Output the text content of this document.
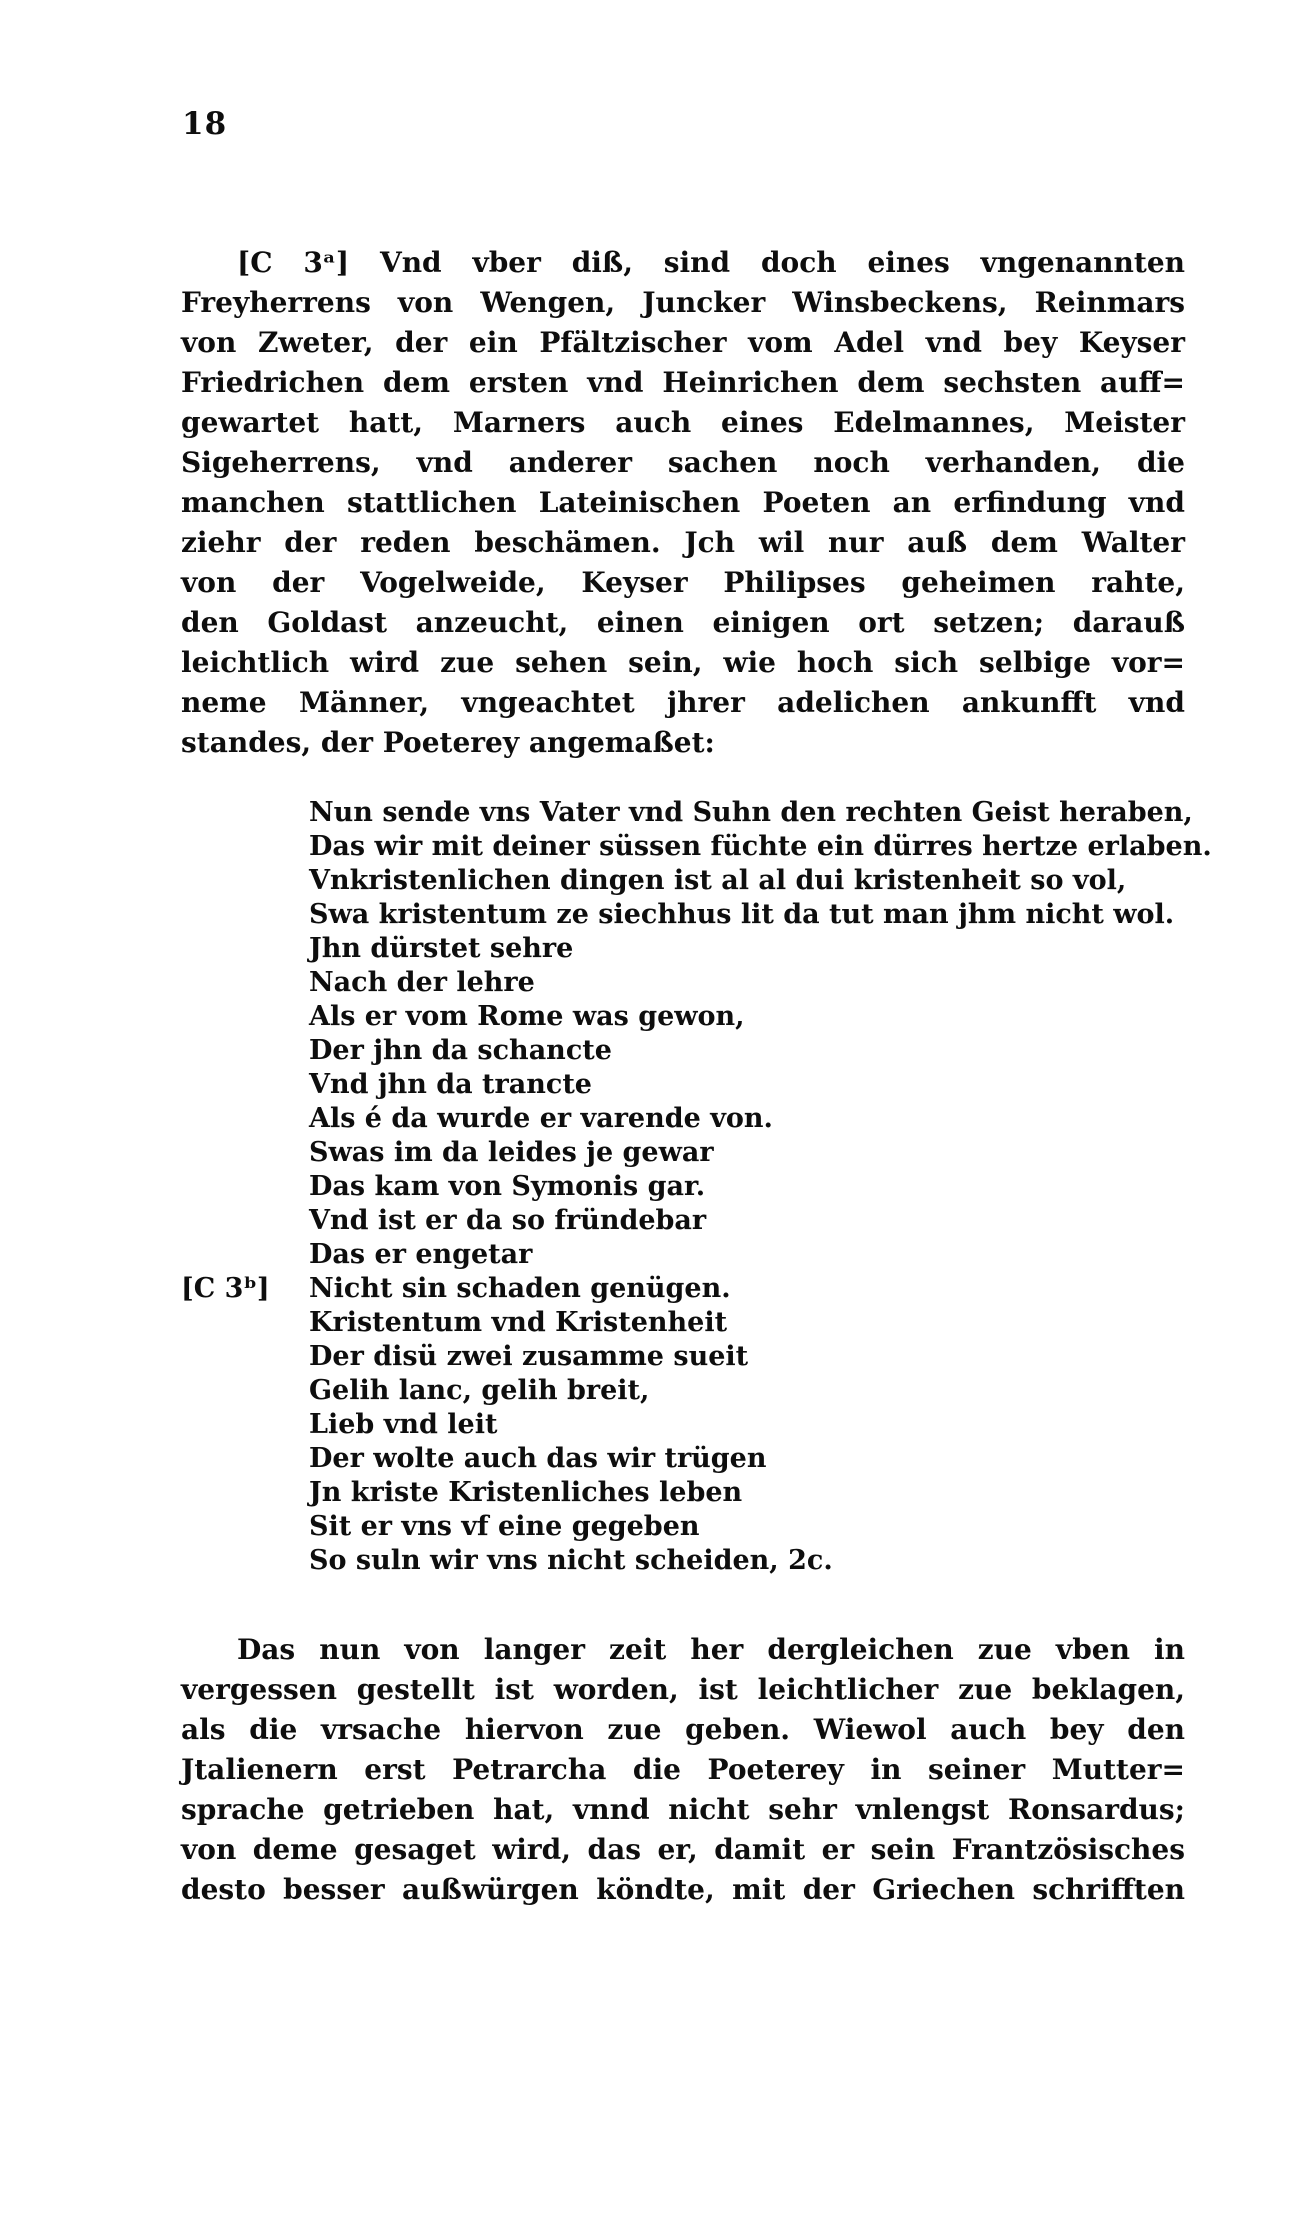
18
[C 3ᵃ] Vnd vber diß, sind doch eines vngenannten
Freyherrens von Wengen, Juncker Winsbeckens, Reinmars
von Zweter, der ein Pfältzischer vom Adel vnd bey Keyser
Friedrichen dem ersten vnd Heinrichen dem sechsten auff=
gewartet hatt, Marners auch eines Edelmannes, Meister
Sigeherrens, vnd anderer sachen noch verhanden, die
manchen stattlichen Lateinischen Poeten an erfindung vnd
ziehr der reden beschämen. Jch wil nur auß dem Walter
von der Vogelweide, Keyser Philipses geheimen rahte,
den Goldast anzeucht, einen einigen ort setzen; darauß
leichtlich wird zue sehen sein, wie hoch sich selbige vor=
neme Männer, vngeachtet jhrer adelichen ankunfft vnd
standes, der Poeterey angemaßet:
Nun sende vns Vater vnd Suhn den rechten Geist heraben,
Das wir mit deiner süssen füchte ein dürres hertze erlaben.
Vnkristenlichen dingen ist al al dui kristenheit so vol,
Swa kristentum ze siechhus lit da tut man jhm nicht wol.
Jhn dürstet sehre
Nach der lehre
Als er vom Rome was gewon,
Der jhn da schancte
Vnd jhn da trancte
Als é da wurde er varende von.
Swas im da leides je gewar
Das kam von Symonis gar.
Vnd ist er da so fründebar
Das er engetar
[C 3ᵇ] Nicht sin schaden genügen.
Kristentum vnd Kristenheit
Der disü zwei zusamme sueit
Gelih lanc, gelih breit,
Lieb vnd leit
Der wolte auch das wir trügen
Jn kriste Kristenliches leben
Sit er vns vf eine gegeben
So suln wir vns nicht scheiden, 2c.
Das nun von langer zeit her dergleichen zue vben in
vergessen gestellt ist worden, ist leichtlicher zue beklagen,
als die vrsache hiervon zue geben. Wiewol auch bey den
Jtalienern erst Petrarcha die Poeterey in seiner Mutter=
sprache getrieben hat, vnnd nicht sehr vnlengst Ronsardus;
von deme gesaget wird, das er, damit er sein Frantzösisches
desto besser außwürgen köndte, mit der Griechen schrifften
